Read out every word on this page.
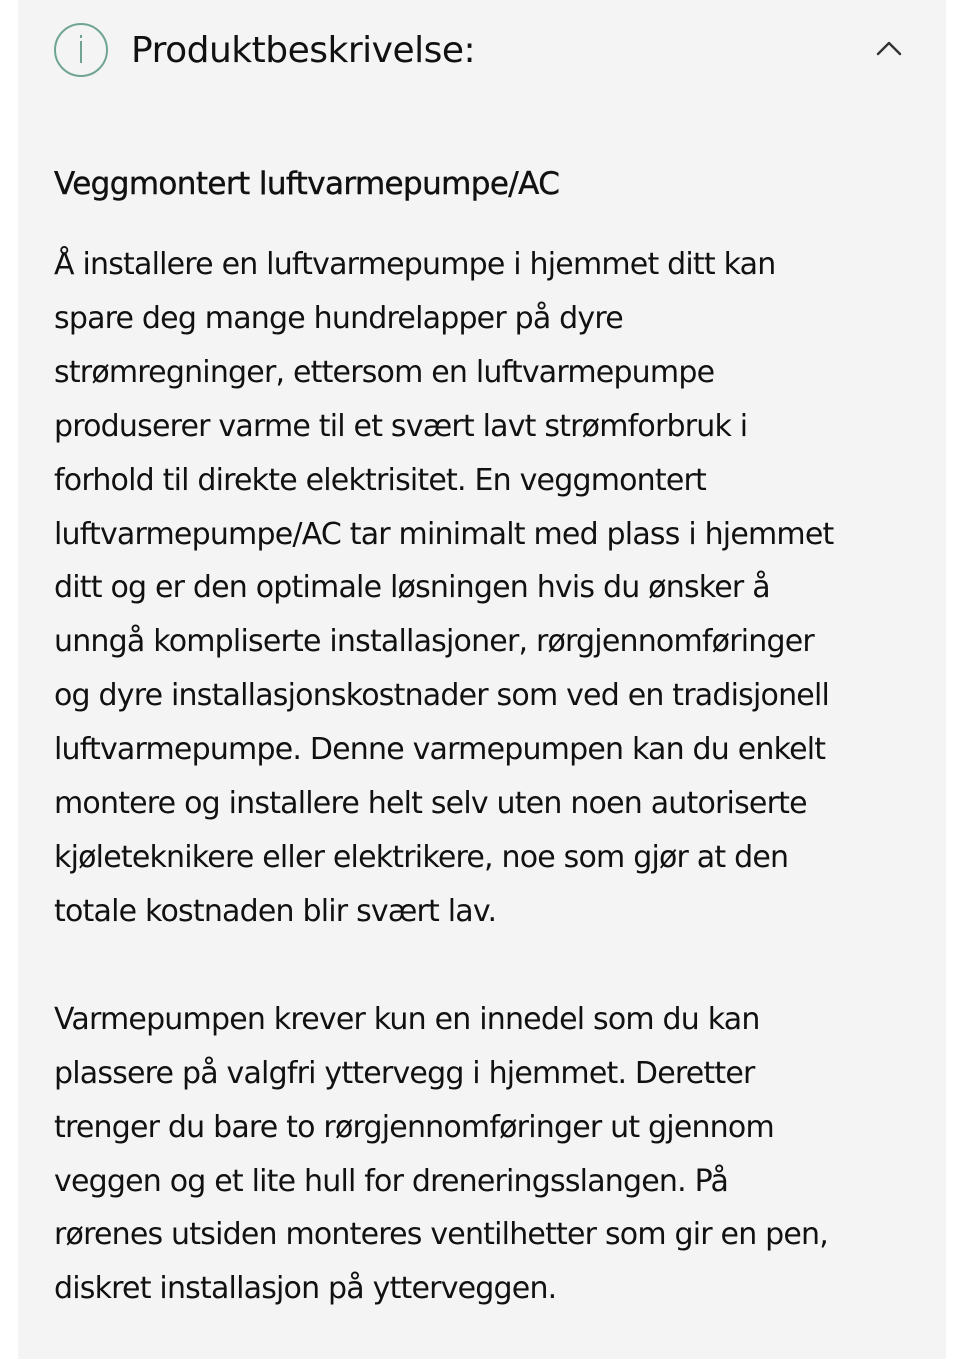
Produktbeskrivelse:
Veggmontert luftvarmepumpe/AC

Å installere en luftvarmepumpe i hjemmet ditt kan
spare deg mange hundrelapper på dyre
strømregninger, ettersom en luftvarmepumpe
produserer varme til et svært lavt strømforbruk i
forhold til direkte elektrisitet. En veggmontert
luftvarmepumpe/AC tar minimalt med plass i hjemmet
ditt og er den optimale løsningen hvis du ønsker å
unngå kompliserte installasjoner, rørgjennomføringer
og dyre installasjonskostnader som ved en tradisjonell
luftvarmepumpe. Denne varmepumpen kan du enkelt
montere og installere helt selv uten noen autoriserte
kjøleteknikere eller elektrikere, noe som gjør at den
totale kostnaden blir svært lav.

Varmepumpen krever kun en innedel som du kan
plassere på valgfri yttervegg i hjemmet. Deretter
trenger du bare to rørgjennomføringer ut gjennom
veggen og et lite hull for dreneringsslangen. På
rørenes utsiden monteres ventilhetter som gir en pen,
diskret installasjon på ytterveggen.
